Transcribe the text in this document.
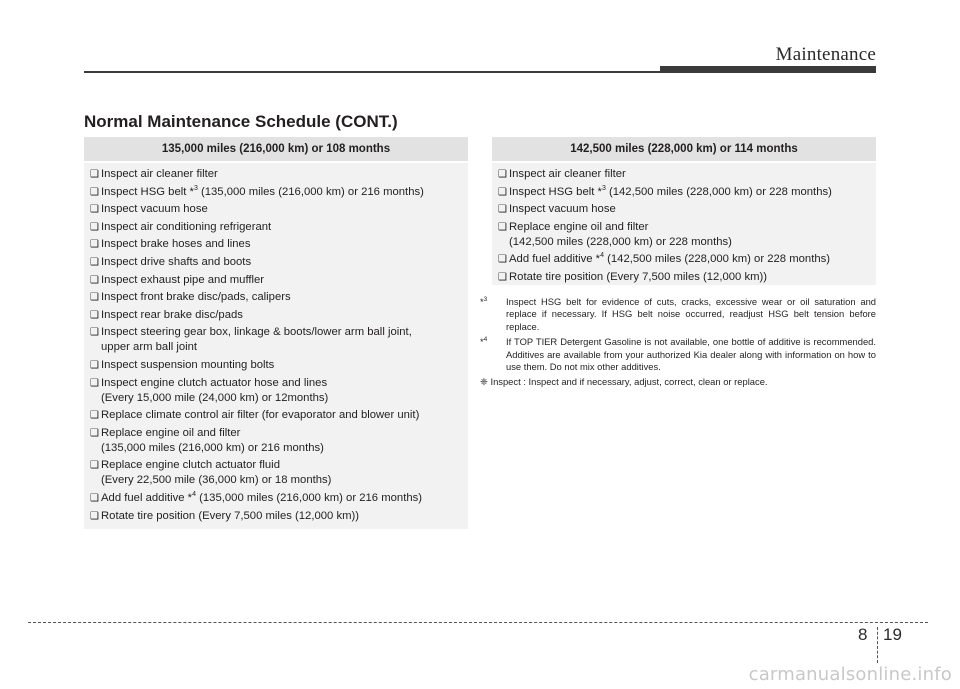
Maintenance
Normal Maintenance Schedule (CONT.)
135,000 miles (216,000 km) or 108 months
❑ Inspect air cleaner filter
❑ Inspect HSG belt *$^3$ (135,000 miles (216,000 km) or 216 months)
❑ Inspect vacuum hose
❑ Inspect air conditioning refrigerant
❑ Inspect brake hoses and lines
❑ Inspect drive shafts and boots
❑ Inspect exhaust pipe and muffler
❑ Inspect front brake disc/pads, calipers
❑ Inspect rear brake disc/pads
❑ Inspect steering gear box, linkage & boots/lower arm ball joint,
upper arm ball joint
❑ Inspect suspension mounting bolts
❑ Inspect engine clutch actuator hose and lines
(Every 15,000 mile (24,000 km) or 12months)
❑ Replace climate control air filter (for evaporator and blower unit)
❑ Replace engine oil and filter
(135,000 miles (216,000 km) or 216 months)
❑ Replace engine clutch actuator fluid
(Every 22,500 mile (36,000 km) or 18 months)
❑ Add fuel additive *$^4$ (135,000 miles (216,000 km) or 216 months)
❑ Rotate tire position (Every 7,500 miles (12,000 km))
142,500 miles (228,000 km) or 114 months
❑ Inspect air cleaner filter
❑ Inspect HSG belt *$^3$ (142,500 miles (228,000 km) or 228 months)
❑ Inspect vacuum hose
❑ Replace engine oil and filter
(142,500 miles (228,000 km) or 228 months)
❑ Add fuel additive *$^4$ (142,500 miles (228,000 km) or 228 months)
❑ Rotate tire position (Every 7,500 miles (12,000 km))
*$^3$	Inspect HSG belt for evidence of cuts, cracks, excessive wear or oil saturation and replace if necessary. If HSG belt noise occurred, readjust HSG belt tension before replace.
*$^4$	If TOP TIER Detergent Gasoline is not available, one bottle of additive is recommended. Additives are available from your authorized Kia dealer along with information on how to use them. Do not mix other additives.
❈ Inspect : Inspect and if necessary, adjust, correct, clean or replace.
8 19
carmanualsonline.info
